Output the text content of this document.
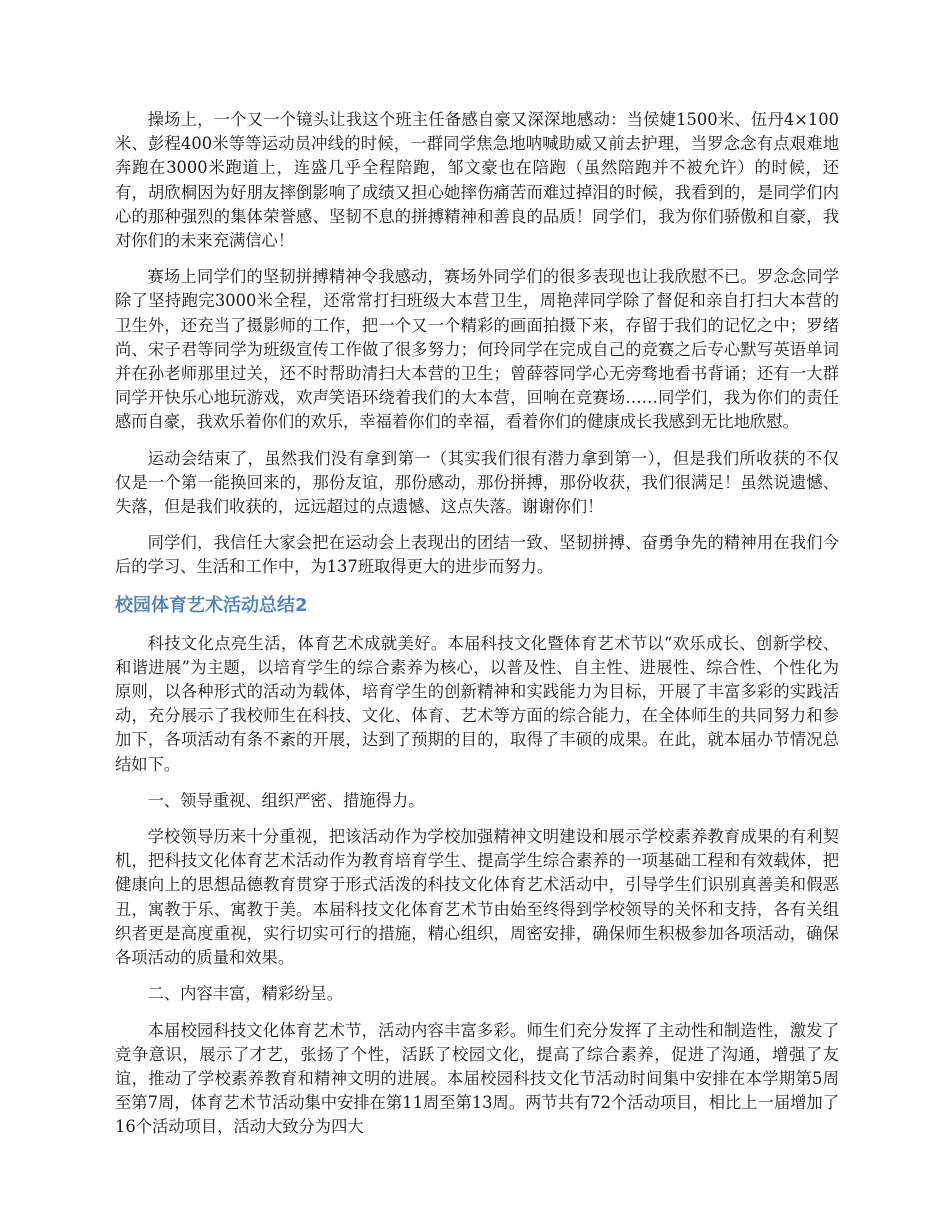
操场上，一个又一个镜头让我这个班主任备感自豪又深深地感动：当侯婕1500米、伍丹4×100米、彭程400米等等运动员冲线的时候，一群同学焦急地呐喊助威又前去护理，当罗念念有点艰难地奔跑在3000米跑道上，连盛几乎全程陪跑，邹文豪也在陪跑（虽然陪跑并不被允许）的时候，还有，胡欣桐因为好朋友摔倒影响了成绩又担心她摔伤痛苦而难过掉泪的时候，我看到的，是同学们内心的那种强烈的集体荣誉感、坚韧不息的拼搏精神和善良的品质！同学们，我为你们骄傲和自豪，我对你们的未来充满信心！

赛场上同学们的坚韧拼搏精神令我感动，赛场外同学们的很多表现也让我欣慰不已。罗念念同学除了坚持跑完3000米全程，还常常打扫班级大本营卫生，周艳萍同学除了督促和亲自打扫大本营的卫生外，还充当了摄影师的工作，把一个又一个精彩的画面拍摄下来，存留于我们的记忆之中；罗绪尚、宋子君等同学为班级宣传工作做了很多努力；何玲同学在完成自己的竞赛之后专心默写英语单词并在孙老师那里过关，还不时帮助清扫大本营的卫生；曾薛蓉同学心无旁骛地看书背诵；还有一大群同学开快乐心地玩游戏，欢声笑语环绕着我们的大本营，回响在竞赛场……同学们，我为你们的责任感而自豪，我欢乐着你们的欢乐，幸福着你们的幸福，看着你们的健康成长我感到无比地欣慰。

运动会结束了，虽然我们没有拿到第一（其实我们很有潜力拿到第一），但是我们所收获的不仅仅是一个第一能换回来的，那份友谊，那份感动，那份拼搏，那份收获，我们很满足！虽然说遗憾、失落，但是我们收获的，远远超过的点遗憾、这点失落。谢谢你们！

同学们，我信任大家会把在运动会上表现出的团结一致、坚韧拼搏、奋勇争先的精神用在我们今后的学习、生活和工作中，为137班取得更大的进步而努力。

校园体育艺术活动总结2

科技文化点亮生活，体育艺术成就美好。本届科技文化暨体育艺术节以“欢乐成长、创新学校、和谐进展”为主题，以培育学生的综合素养为核心，以普及性、自主性、进展性、综合性、个性化为原则，以各种形式的活动为载体，培育学生的创新精神和实践能力为目标，开展了丰富多彩的实践活动，充分展示了我校师生在科技、文化、体育、艺术等方面的综合能力，在全体师生的共同努力和参加下，各项活动有条不紊的开展，达到了预期的目的，取得了丰硕的成果。在此，就本届办节情况总结如下。

一、领导重视、组织严密、措施得力。

学校领导历来十分重视，把该活动作为学校加强精神文明建设和展示学校素养教育成果的有利契机，把科技文化体育艺术活动作为教育培育学生、提高学生综合素养的一项基础工程和有效载体，把健康向上的思想品德教育贯穿于形式活泼的科技文化体育艺术活动中，引导学生们识别真善美和假恶丑，寓教于乐、寓教于美。本届科技文化体育艺术节由始至终得到学校领导的关怀和支持，各有关组织者更是高度重视，实行切实可行的措施，精心组织，周密安排，确保师生积极参加各项活动，确保各项活动的质量和效果。

二、内容丰富，精彩纷呈。

本届校园科技文化体育艺术节，活动内容丰富多彩。师生们充分发挥了主动性和制造性，激发了竞争意识，展示了才艺，张扬了个性，活跃了校园文化，提高了综合素养，促进了沟通，增强了友谊，推动了学校素养教育和精神文明的进展。本届校园科技文化节活动时间集中安排在本学期第5周至第7周，体育艺术节活动集中安排在第11周至第13周。两节共有72个活动项目，相比上一届增加了16个活动项目，活动大致分为四大
